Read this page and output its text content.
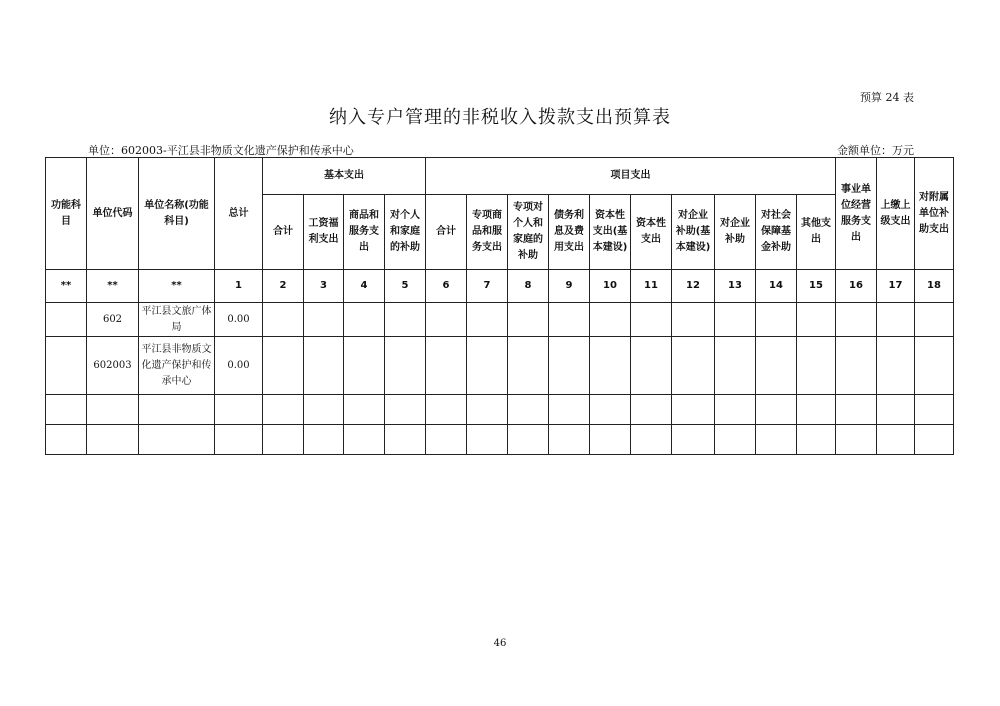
预算 24 表
纳入专户管理的非税收入拨款支出预算表
单位：602003-平江县非物质文化遗产保护和传承中心	金额单位：万元
功能科目	单位代码	单位名称(功能科目)	总计	基本支出				项目支出										事业单位经营服务支出	上缴上级支出	对附属单位补助支出
				合计	工资福利支出	商品和服务支出	对个人和家庭的补助	合计	专项商品和服务支出	专项对个人和家庭的补助	债务利息及费用支出	资本性支出(基本建设)	资本性支出	对企业补助(基本建设)	对企业补助	对社会保障基金补助	其他支出			
**	**	**	1	2	3	4	5	6	7	8	9	10	11	12	13	14	15	16	17	18
	602	平江县文旅广体局	0.00																	
	602003	平江县非物质文化遗产保护和传承中心	0.00																	

46
